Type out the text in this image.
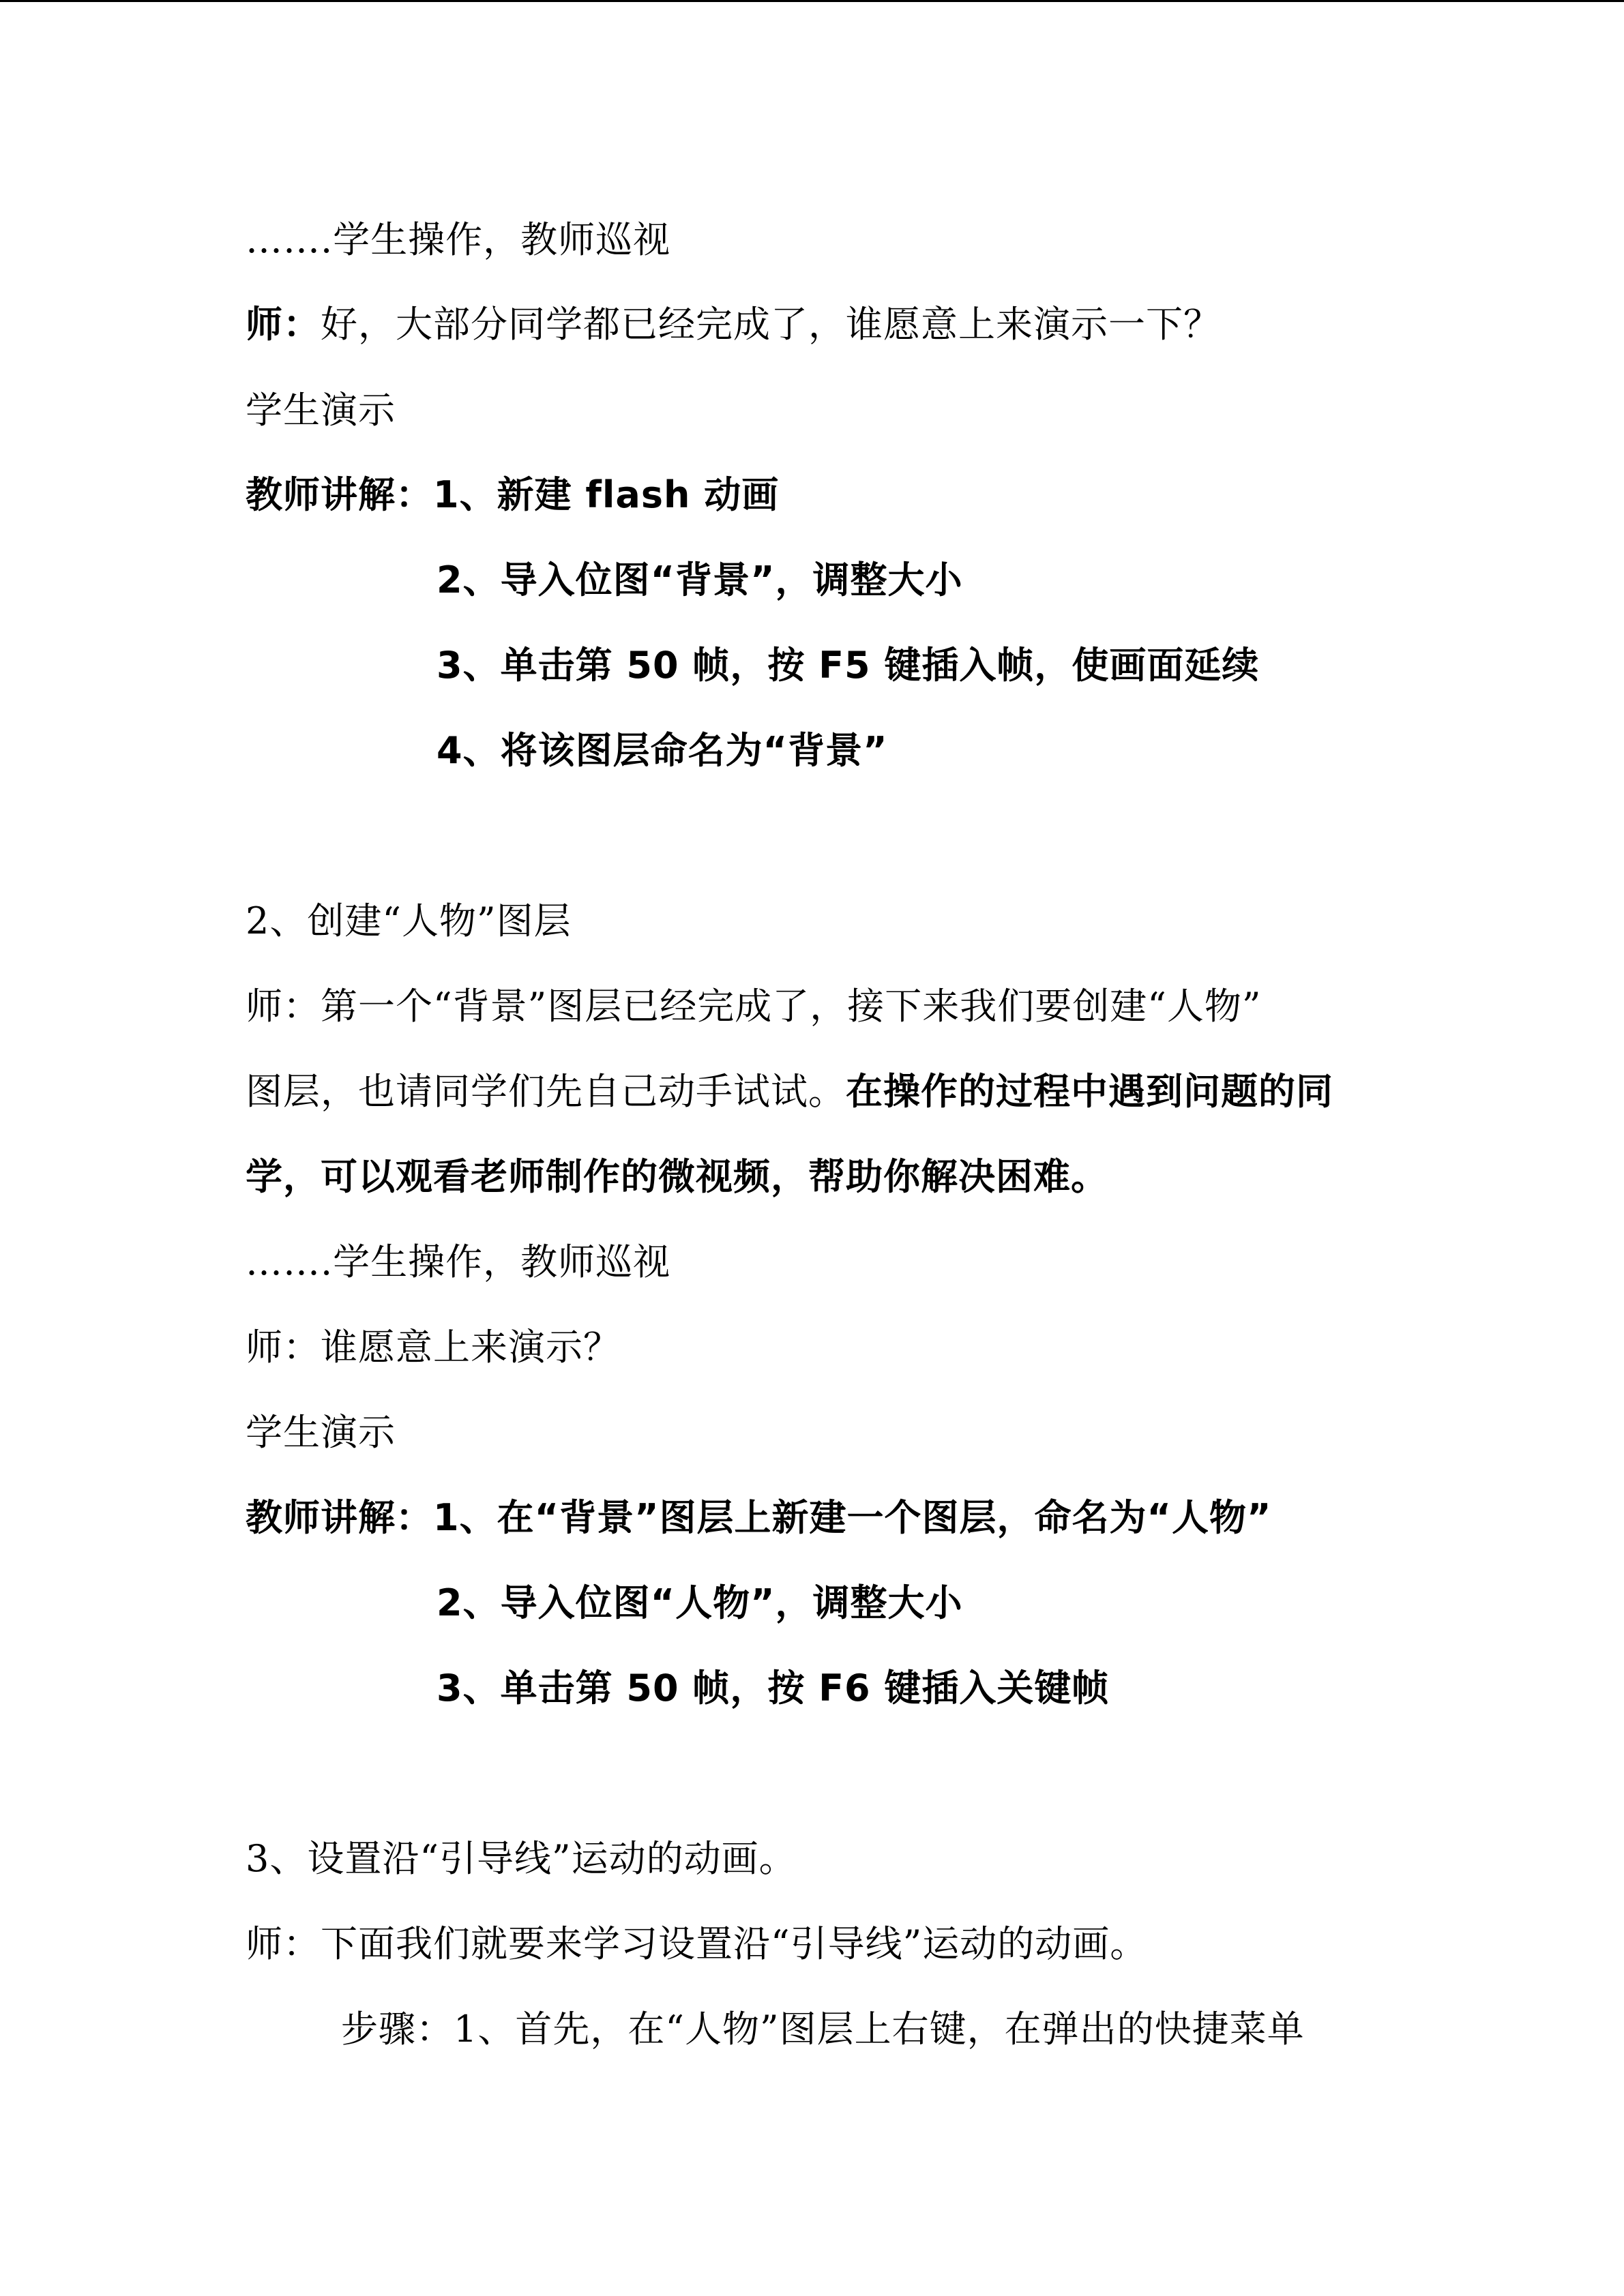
…….学生操作，教师巡视
师：好，大部分同学都已经完成了，谁愿意上来演示一下？
学生演示
教师讲解：1、新建 flash 动画
2、导入位图“背景”，调整大小
3、单击第 50 帧，按 F5 键插入帧，使画面延续
4、将该图层命名为“背景”
2、创建“人物”图层
师：第一个“背景”图层已经完成了，接下来我们要创建“人物”
图层，也请同学们先自己动手试试。在操作的过程中遇到问题的同
学，可以观看老师制作的微视频，帮助你解决困难。
…….学生操作，教师巡视
师：谁愿意上来演示？
学生演示
教师讲解：1、在“背景”图层上新建一个图层，命名为“人物”
2、导入位图“人物”，调整大小
3、单击第 50 帧，按 F6 键插入关键帧
3、设置沿“引导线”运动的动画。
师：下面我们就要来学习设置沿“引导线”运动的动画。
步骤：1、首先，在“人物”图层上右键，在弹出的快捷菜单
